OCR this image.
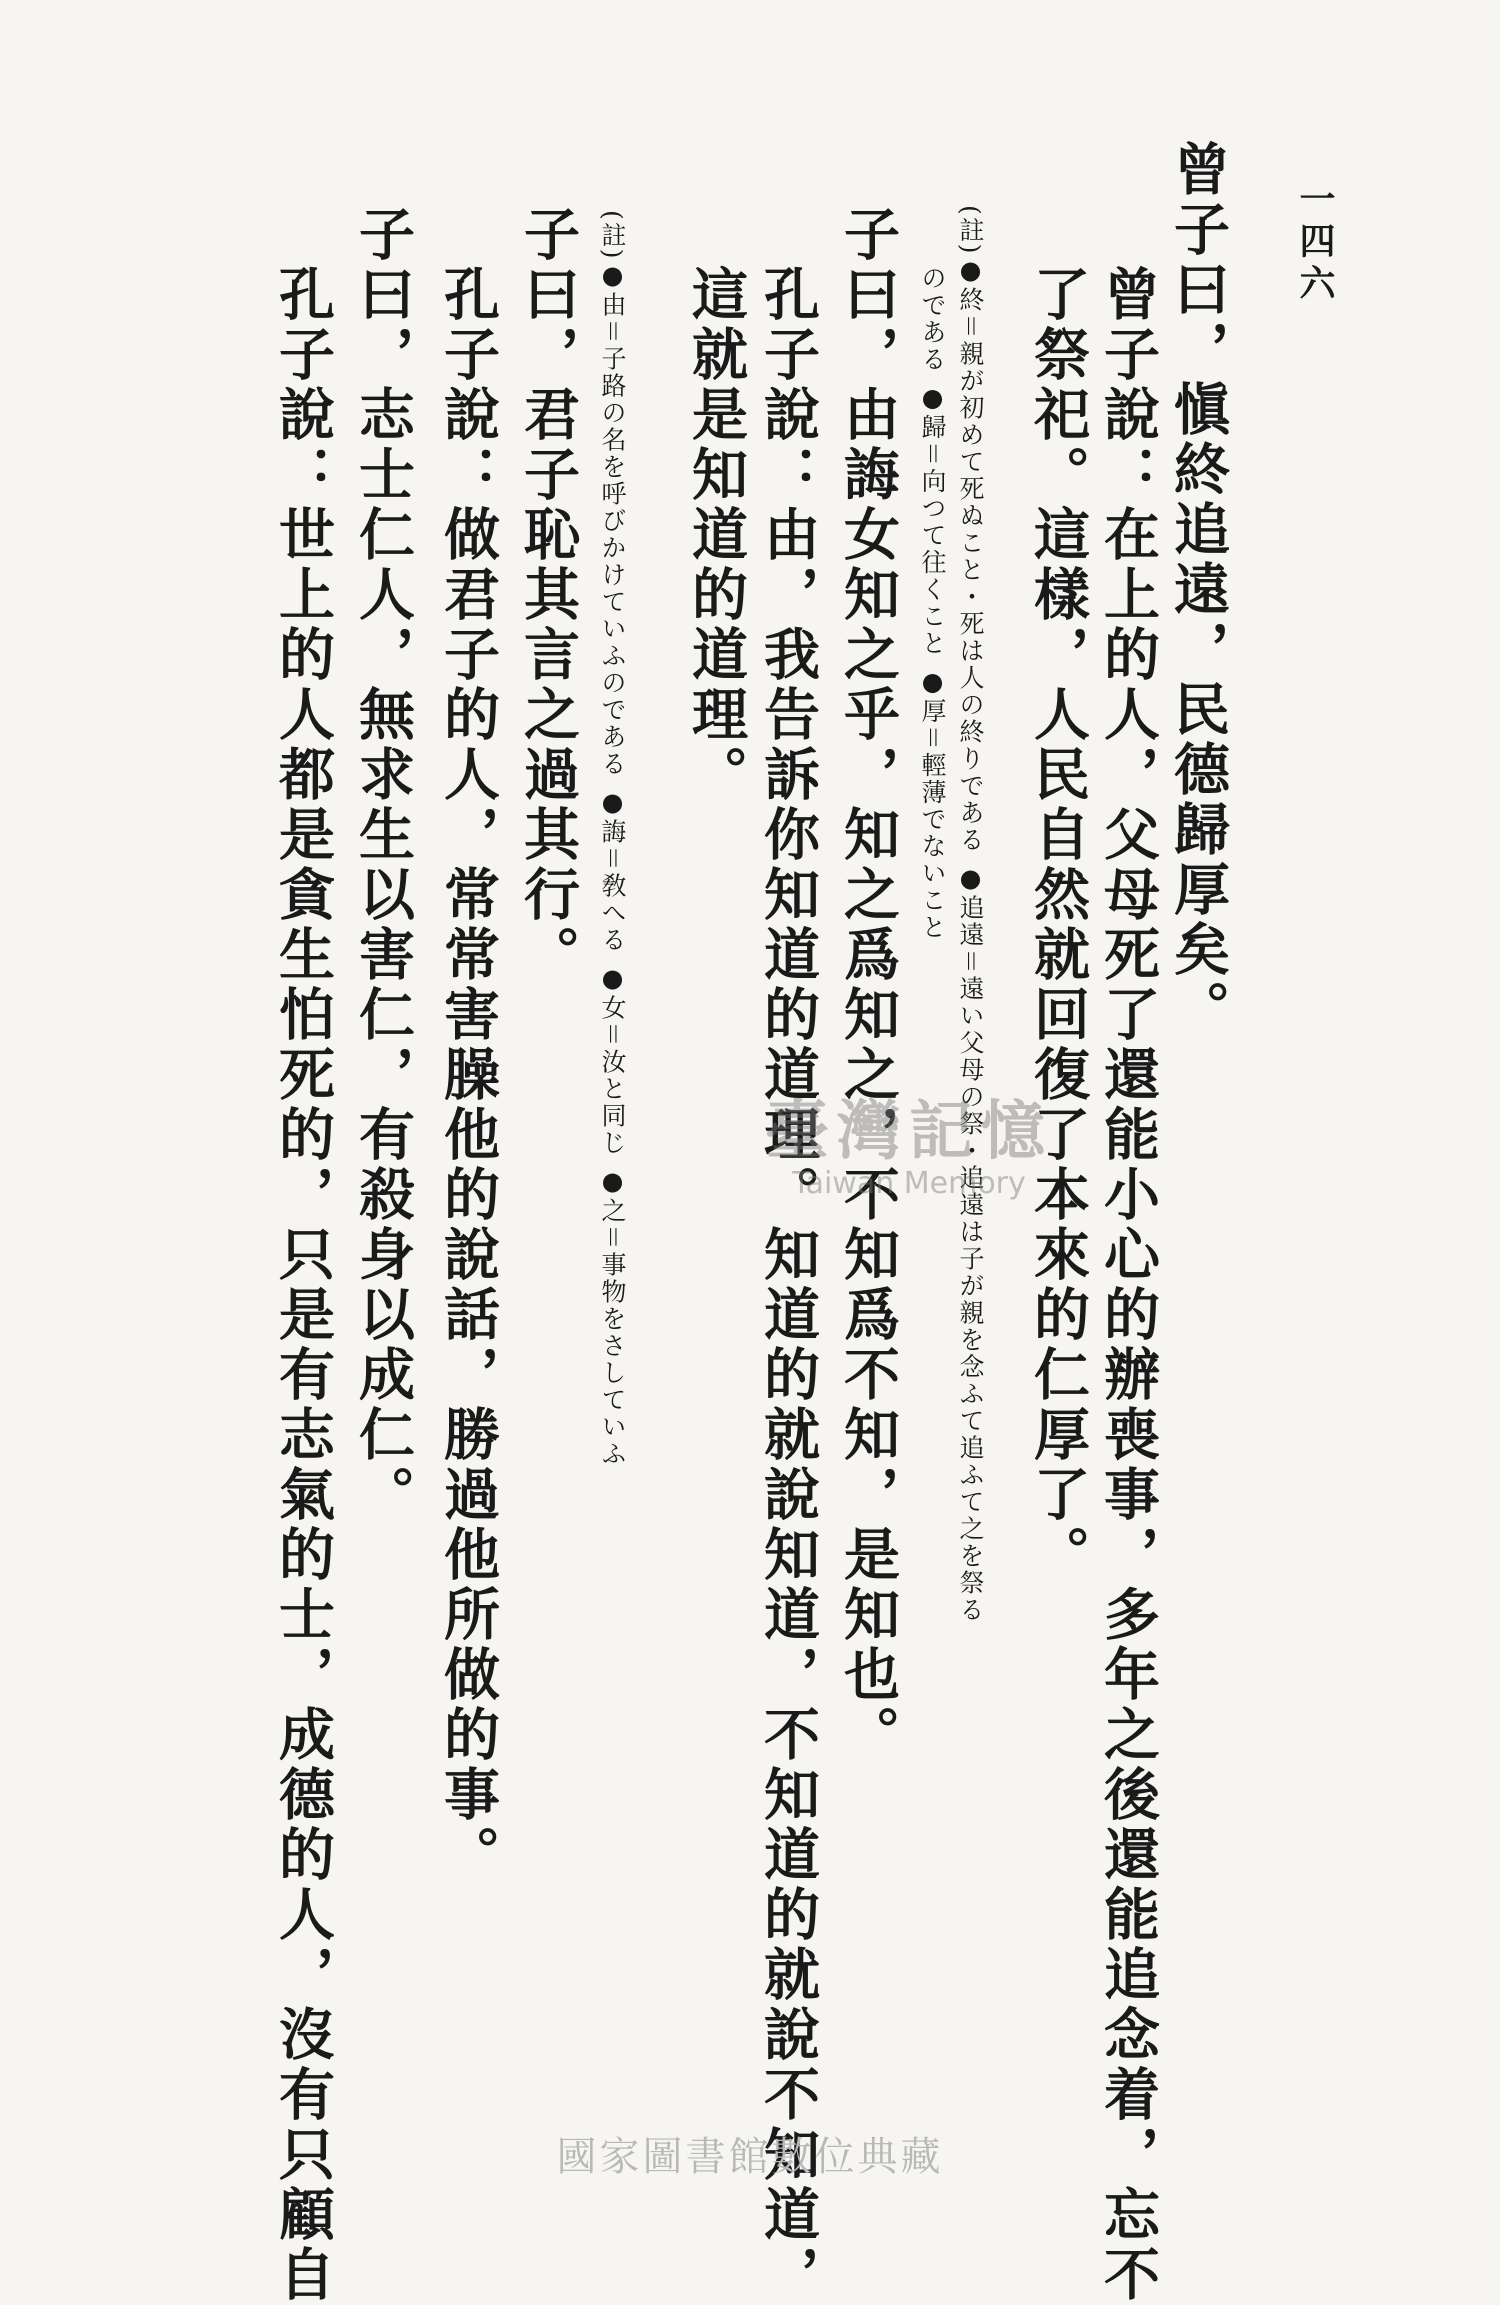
一四六
曾子曰，愼終追遠，民德歸厚矣。
曾子說：在上的人，父母死了還能小心的辦喪事，多年之後還能追念着，忘不
了祭祀。這樣，人民自然就回復了本來的仁厚了。
(註)●終＝親が初めて死ぬこと・死は人の終りである ●追遠＝遠い父母の祭・追遠は子が親を念ふて追ふて之を祭る
のである ●歸＝向つて往くこと ●厚＝輕薄でないこと
子曰，由誨女知之乎，知之爲知之，不知爲不知，是知也。
孔子說：由，我告訴你知道的道理。知道的就說知道，不知道的就說不知道，
這就是知道的道理。
(註)●由＝子路の名を呼びかけていふのである ●誨＝敎へる ●女＝汝と同じ ●之＝事物をさしていふ
子曰，君子恥其言之過其行。
孔子說：做君子的人，常常害臊他的說話，勝過他所做的事。
子曰，志士仁人，無求生以害仁，有殺身以成仁。
孔子說：世上的人都是貪生怕死的，只是有志氣的士，成德的人，沒有只顧自	臺灣記憶
Taiwan Memory
國家圖書館數位典藏
